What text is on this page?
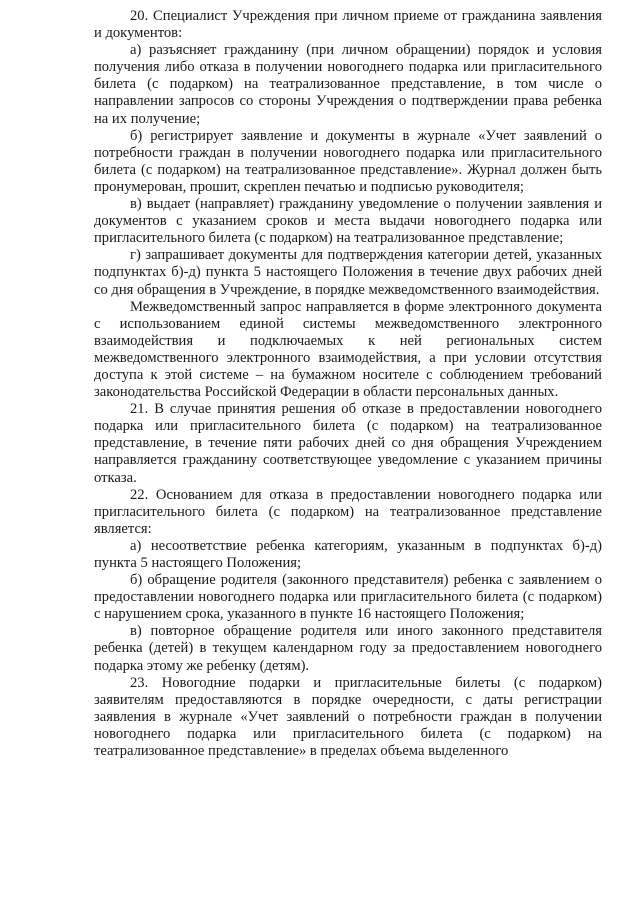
20. Специалист Учреждения при личном приеме от гражданина заявления и документов:

а) разъясняет гражданину (при личном обращении) порядок и условия получения либо отказа в получении новогоднего подарка или пригласительного билета (с подарком) на театрализованное представление, в том числе о направлении запросов со стороны Учреждения о подтверждении права ребенка на их получение;

б) регистрирует заявление и документы в журнале «Учет заявлений о потребности граждан в получении новогоднего подарка или пригласительного билета (с подарком) на театрализованное представление». Журнал должен быть пронумерован, прошит, скреплен печатью и подписью руководителя;

в) выдает (направляет) гражданину уведомление о получении заявления и документов с указанием сроков и места выдачи новогоднего подарка или пригласительного билета (с подарком) на театрализованное представление;

г) запрашивает документы для подтверждения категории детей, указанных подпунктах б)-д) пункта 5 настоящего Положения в течение двух рабочих дней со дня обращения в Учреждение, в порядке межведомственного взаимодействия.

Межведомственный запрос направляется в форме электронного документа с использованием единой системы межведомственного электронного взаимодействия и подключаемых к ней региональных систем межведомственного электронного взаимодействия, а при условии отсутствия доступа к этой системе – на бумажном носителе с соблюдением требований законодательства Российской Федерации в области персональных данных.

21. В случае принятия решения об отказе в предоставлении новогоднего подарка или пригласительного билета (с подарком) на театрализованное представление, в течение пяти рабочих дней со дня обращения Учреждением направляется гражданину соответствующее уведомление с указанием причины отказа.

22. Основанием для отказа в предоставлении новогоднего подарка или пригласительного билета (с подарком) на театрализованное представление является:

а) несоответствие ребенка категориям, указанным в подпунктах б)-д) пункта 5 настоящего Положения;

б) обращение родителя (законного представителя) ребенка с заявлением о предоставлении новогоднего подарка или пригласительного билета (с подарком) с нарушением срока, указанного в пункте 16 настоящего Положения;

в) повторное обращение родителя или иного законного представителя ребенка (детей) в текущем календарном году за предоставлением новогоднего подарка этому же ребенку (детям).

23. Новогодние подарки и пригласительные билеты (с подарком) заявителям предоставляются в порядке очередности, с даты регистрации заявления в журнале «Учет заявлений о потребности граждан в получении новогоднего подарка или пригласительного билета (с подарком) на театрализованное представление» в пределах объема выделенного
